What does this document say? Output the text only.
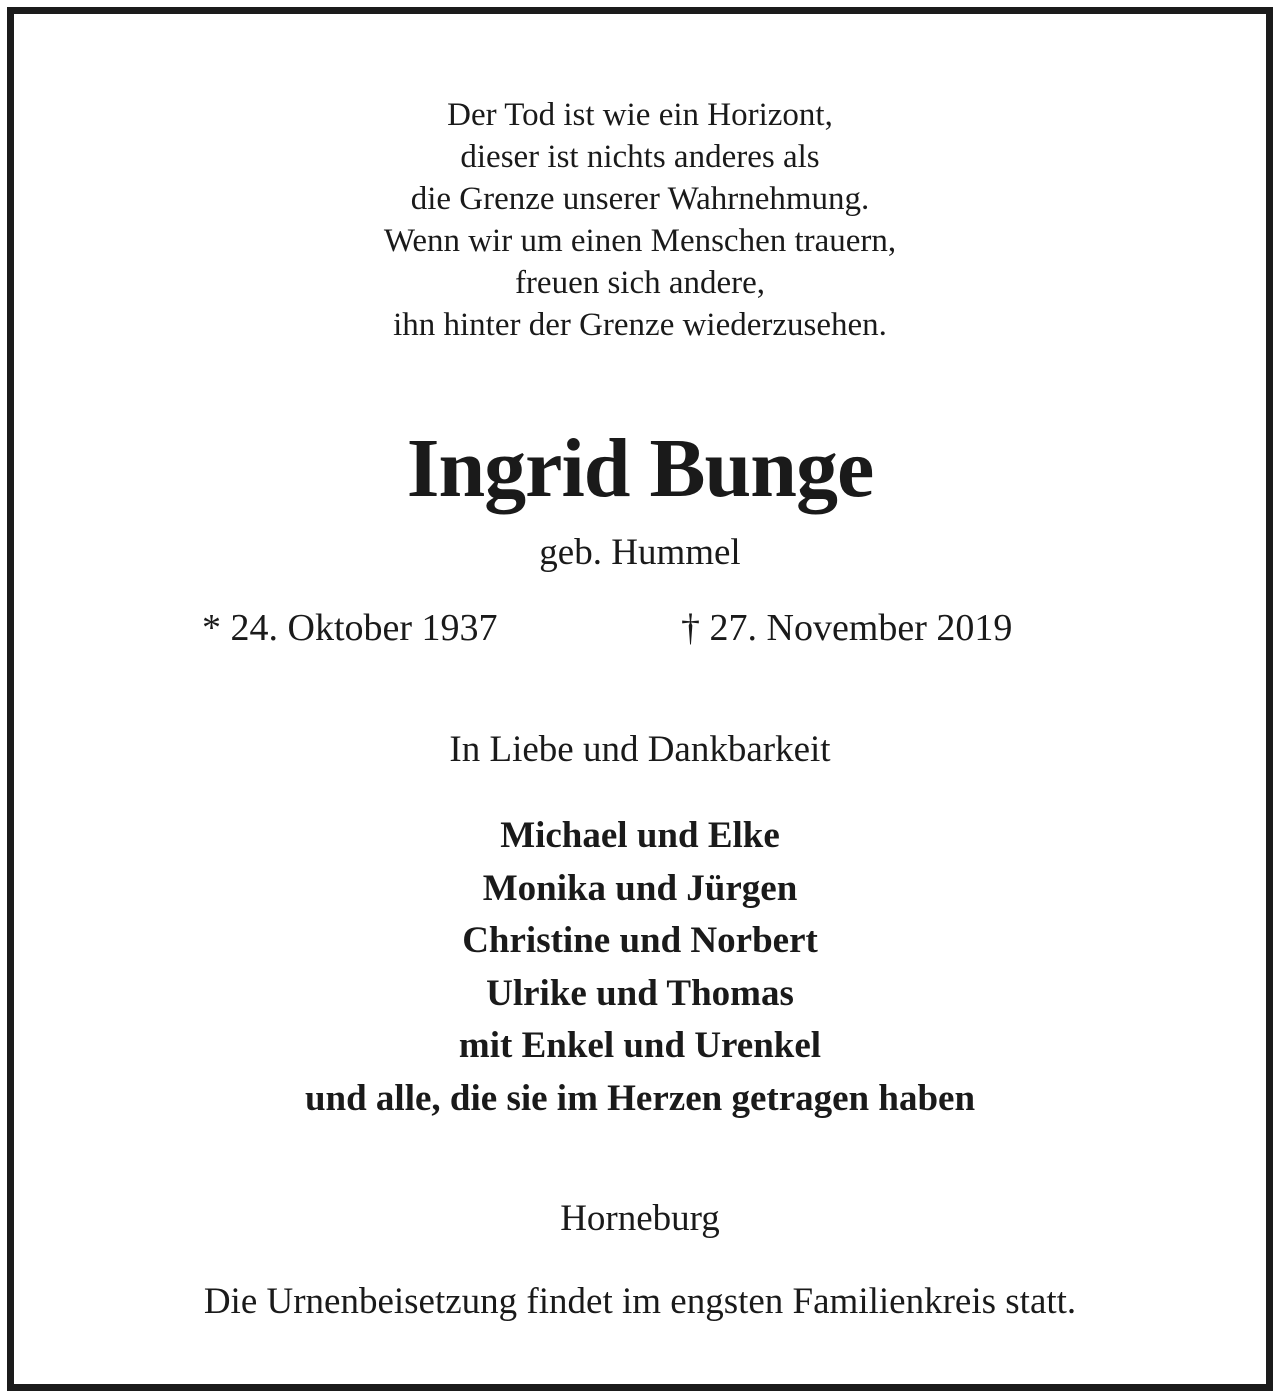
Der Tod ist wie ein Horizont,
dieser ist nichts anderes als
die Grenze unserer Wahrnehmung.
Wenn wir um einen Menschen trauern,
freuen sich andere,
ihn hinter der Grenze wiederzusehen.
Ingrid Bunge
geb. Hummel
* 24. Oktober 1937	† 27. November 2019
In Liebe und Dankbarkeit
Michael und Elke
Monika und Jürgen
Christine und Norbert
Ulrike und Thomas
mit Enkel und Urenkel
und alle, die sie im Herzen getragen haben
Horneburg
Die Urnenbeisetzung findet im engsten Familienkreis statt.
